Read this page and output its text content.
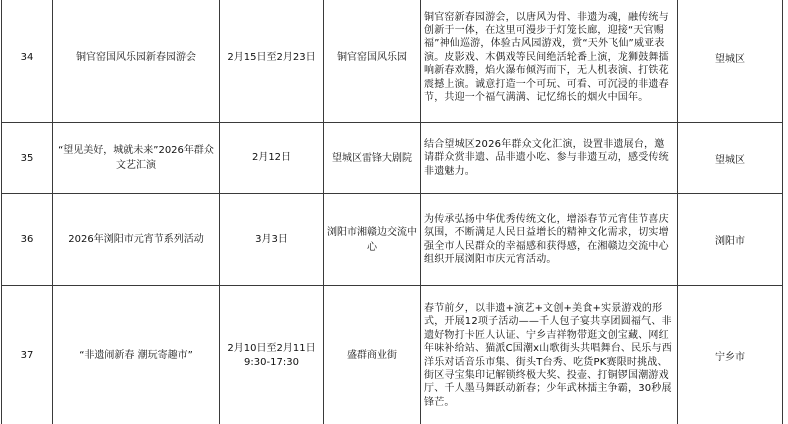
34	铜官窑国风乐园新春园游会	2月15日至2月23日	铜官窑国风乐园	铜官窑新春园游会，以唐风为骨、非遗为魂，融传统与创新于一体，在这里可漫步于灯笼长廊，迎接“天官赐福”神仙巡游，体验古风园游戏，赏“天外飞仙”威亚表演。皮影戏、木偶戏等民间绝活轮番上演，龙狮鼓舞擂响新春欢腾，焰火瀑布倾泻而下，无人机表演、打铁花震撼上演。诚意打造一个可玩、可看、可沉浸的非遗春节，共迎一个福气满满、记忆绵长的烟火中国年。	望城区
35	“望见美好，城就未来”2026年群众文艺汇演	2月12日	望城区雷锋大剧院	结合望城区2026年群众文化汇演，设置非遗展台，邀请群众赏非遗、品非遗小吃、参与非遗互动，感受传统非遗魅力。	望城区
36	2026年浏阳市元宵节系列活动	3月3日	浏阳市湘赣边交流中心	为传承弘扬中华优秀传统文化，增添春节元宵佳节喜庆氛围，不断满足人民日益增长的精神文化需求，切实增强全市人民群众的幸福感和获得感，在湘赣边交流中心组织开展浏阳市庆元宵活动。	浏阳市
37	“非遗闹新春 潮玩寄趣市”	2月10日至2月11日 9:30-17:30	盛群商业街	春节前夕，以非遗+演艺+文创+美食+实景游戏的形式，开展12项子活动——千人包子宴共享团圆福气、非遗好物打卡匠人认证、宁乡吉祥物带逛文创宝藏、网红年味补给站、猫派C国潮x山歌街头共唱舞台、民乐与西洋乐对话音乐市集、街头T台秀、吃货PK赛限时挑战、街区寻宝集印记解锁终极大奖、投壶、打铜锣国潮游戏厅、千人墨马舞跃动新春；少年武林擂主争霸，30秒展锋芒。	宁乡市
